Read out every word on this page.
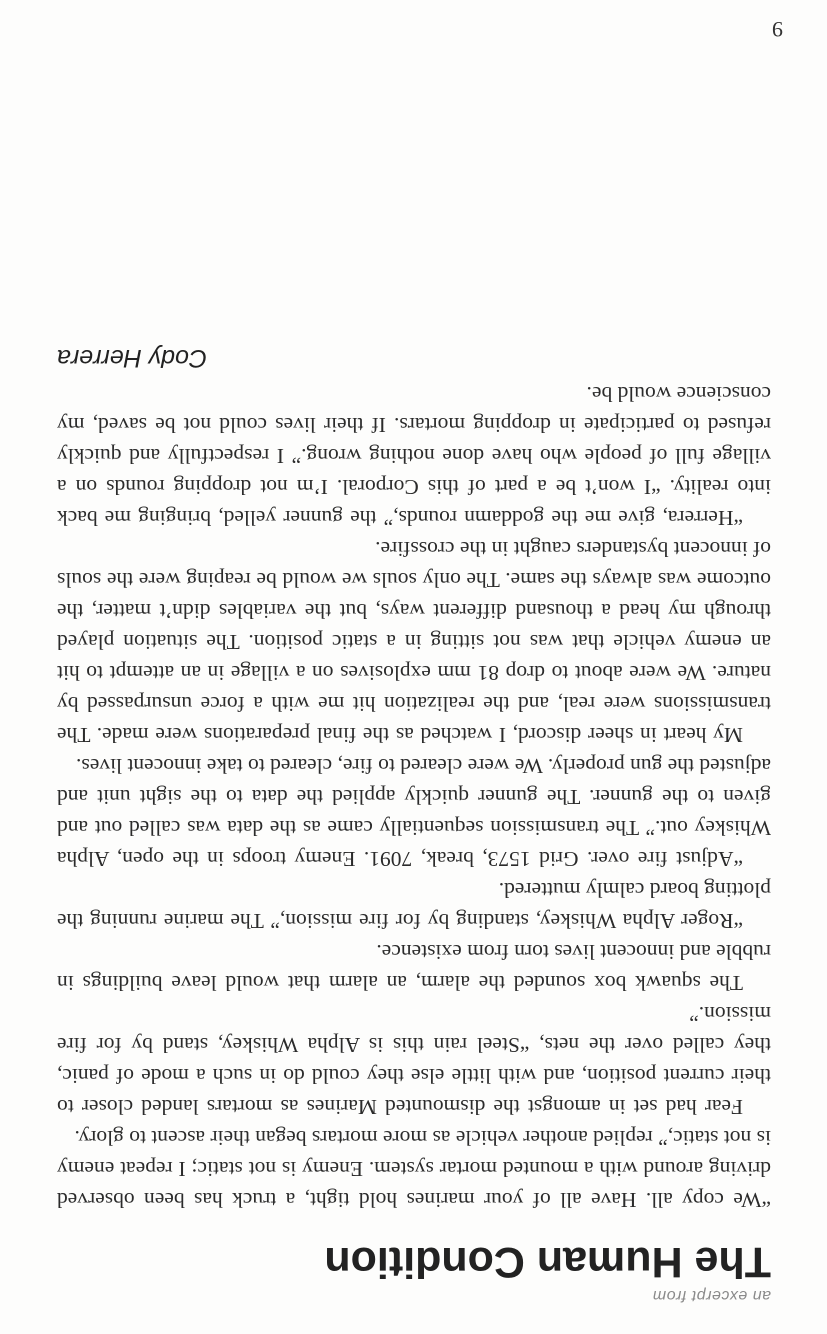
an excerpt from
The Human Condition

“We copy all. Have all of your marines hold tight, a truck has been observed driving around with a mounted mortar system. Enemy is not static; I repeat enemy is not static,” replied another vehicle as more mortars began their ascent to glory.

Fear had set in amongst the dismounted Marines as mortars landed closer to their current position, and with little else they could do in such a mode of panic, they called over the nets, “Steel rain this is Alpha Whiskey, stand by for fire mission.”

The squawk box sounded the alarm, an alarm that would leave buildings in rubble and innocent lives torn from existence.

“Roger Alpha Whiskey, standing by for fire mission,” The marine running the plotting board calmly muttered.

“Adjust fire over. Grid 1573, break, 7091. Enemy troops in the open, Alpha Whiskey out.” The transmission sequentially came as the data was called out and given to the gunner. The gunner quickly applied the data to the sight unit and adjusted the gun properly. We were cleared to fire, cleared to take innocent lives.

My heart in sheer discord, I watched as the final preparations were made. The transmissions were real, and the realization hit me with a force unsurpassed by nature. We were about to drop 81 mm explosives on a village in an attempt to hit an enemy vehicle that was not sitting in a static position. The situation played through my head a thousand different ways, but the variables didn’t matter, the outcome was always the same. The only souls we would be reaping were the souls of innocent bystanders caught in the crossfire.

“Herrera, give me the goddamn rounds,” the gunner yelled, bringing me back into reality. “I won’t be a part of this Corporal. I’m not dropping rounds on a village full of people who have done nothing wrong.” I respectfully and quickly refused to participate in dropping mortars. If their lives could not be saved, my conscience would be.

Cody Herrera
9
